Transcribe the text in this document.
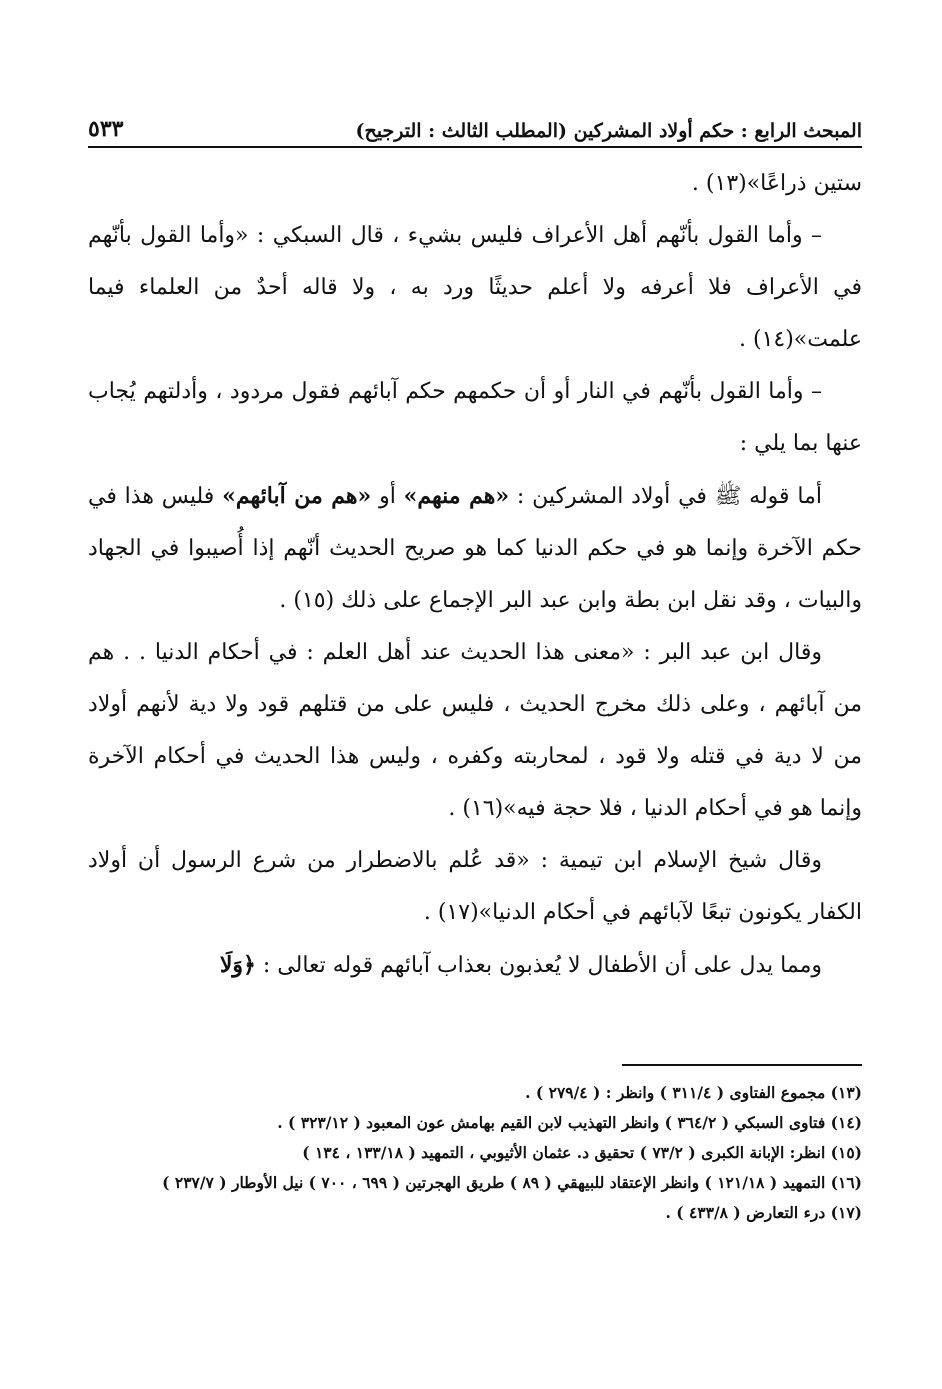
المبحث الرابع : حكم أولاد المشركين (المطلب الثالث : الترجيح)
٥٣٣

ستين ذراعًا»(١٣) .

– وأما القول بأنّهم أهل الأعراف فليس بشيء ، قال السبكي : «وأما القول بأنّهم في الأعراف فلا أعرفه ولا أعلم حديثًا ورد به ، ولا قاله أحدٌ من العلماء فيما علمت»(١٤) .

– وأما القول بأنّهم في النار أو أن حكمهم حكم آبائهم فقول مردود ، وأدلتهم يُجاب عنها بما يلي :

أما قوله ﷺ في أولاد المشركين : «هم منهم» أو «هم من آبائهم» فليس هذا في حكم الآخرة وإنما هو في حكم الدنيا كما هو صريح الحديث أنّهم إذا أُصيبوا في الجهاد والبيات ، وقد نقل ابن بطة وابن عبد البر الإجماع على ذلك (١٥) .

وقال ابن عبد البر : «معنى هذا الحديث عند أهل العلم : في أحكام الدنيا . . هم من آبائهم ، وعلى ذلك مخرج الحديث ، فليس على من قتلهم قود ولا دية لأنهم أولاد من لا دية في قتله ولا قود ، لمحاربته وكفره ، وليس هذا الحديث في أحكام الآخرة وإنما هو في أحكام الدنيا ، فلا حجة فيه»(١٦) .

وقال شيخ الإسلام ابن تيمية : «قد عُلم بالاضطرار من شرع الرسول أن أولاد الكفار يكونون تبعًا لآبائهم في أحكام الدنيا»(١٧) .

ومما يدل على أن الأطفال لا يُعذبون بعذاب آبائهم قوله تعالى : ﴿وَلَا

(١٣) مجموع الفتاوى ( ٣١١/٤ ) وانظر : ( ٢٧٩/٤ ) .

(١٤) فتاوى السبكي ( ٣٦٤/٢ ) وانظر التهذيب لابن القيم بهامش عون المعبود ( ٣٢٣/١٢ ) .

(١٥) انظر: الإبانة الكبرى ( ٧٣/٢ ) تحقيق د. عثمان الأثيوبي ، التمهيد ( ١٣٣/١٨ ، ١٣٤ )

(١٦) التمهيد ( ١٢١/١٨ ) وانظر الإعتقاد للبيهقي ( ٨٩ ) طريق الهجرتين ( ٦٩٩ ، ٧٠٠ ) نيل الأوطار ( ٢٣٧/٧ )

(١٧) درء التعارض ( ٤٣٣/٨ ) .
